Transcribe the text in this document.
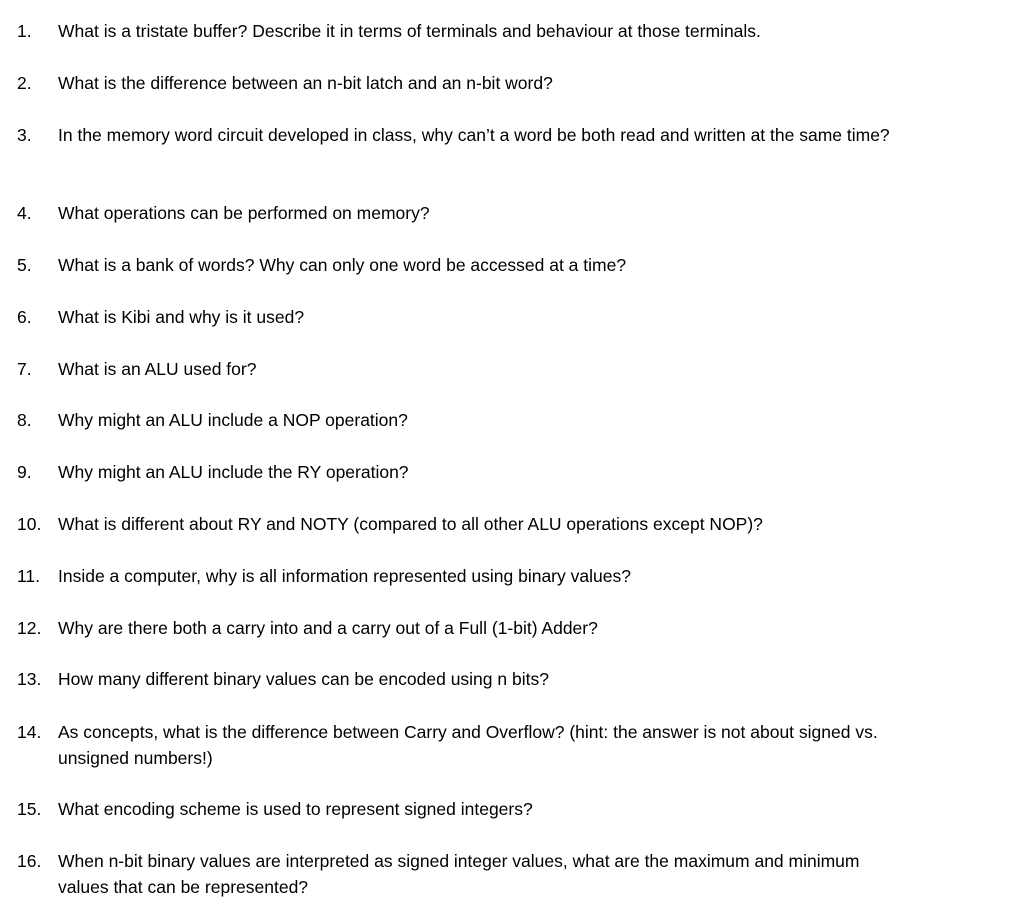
1. What is a tristate buffer? Describe it in terms of terminals and behaviour at those terminals.
2. What is the difference between an n-bit latch and an n-bit word?
3. In the memory word circuit developed in class, why can’t a word be both read and written at the same time?
4. What operations can be performed on memory?
5. What is a bank of words? Why can only one word be accessed at a time?
6. What is Kibi and why is it used?
7. What is an ALU used for?
8. Why might an ALU include a NOP operation?
9. Why might an ALU include the RY operation?
10. What is different about RY and NOTY (compared to all other ALU operations except NOP)?
11. Inside a computer, why is all information represented using binary values?
12. Why are there both a carry into and a carry out of a Full (1-bit) Adder?
13. How many different binary values can be encoded using n bits?
14. As concepts, what is the difference between Carry and Overflow? (hint: the answer is not about signed vs. unsigned numbers!)
15. What encoding scheme is used to represent signed integers?
16. When n-bit binary values are interpreted as signed integer values, what are the maximum and minimum values that can be represented?
